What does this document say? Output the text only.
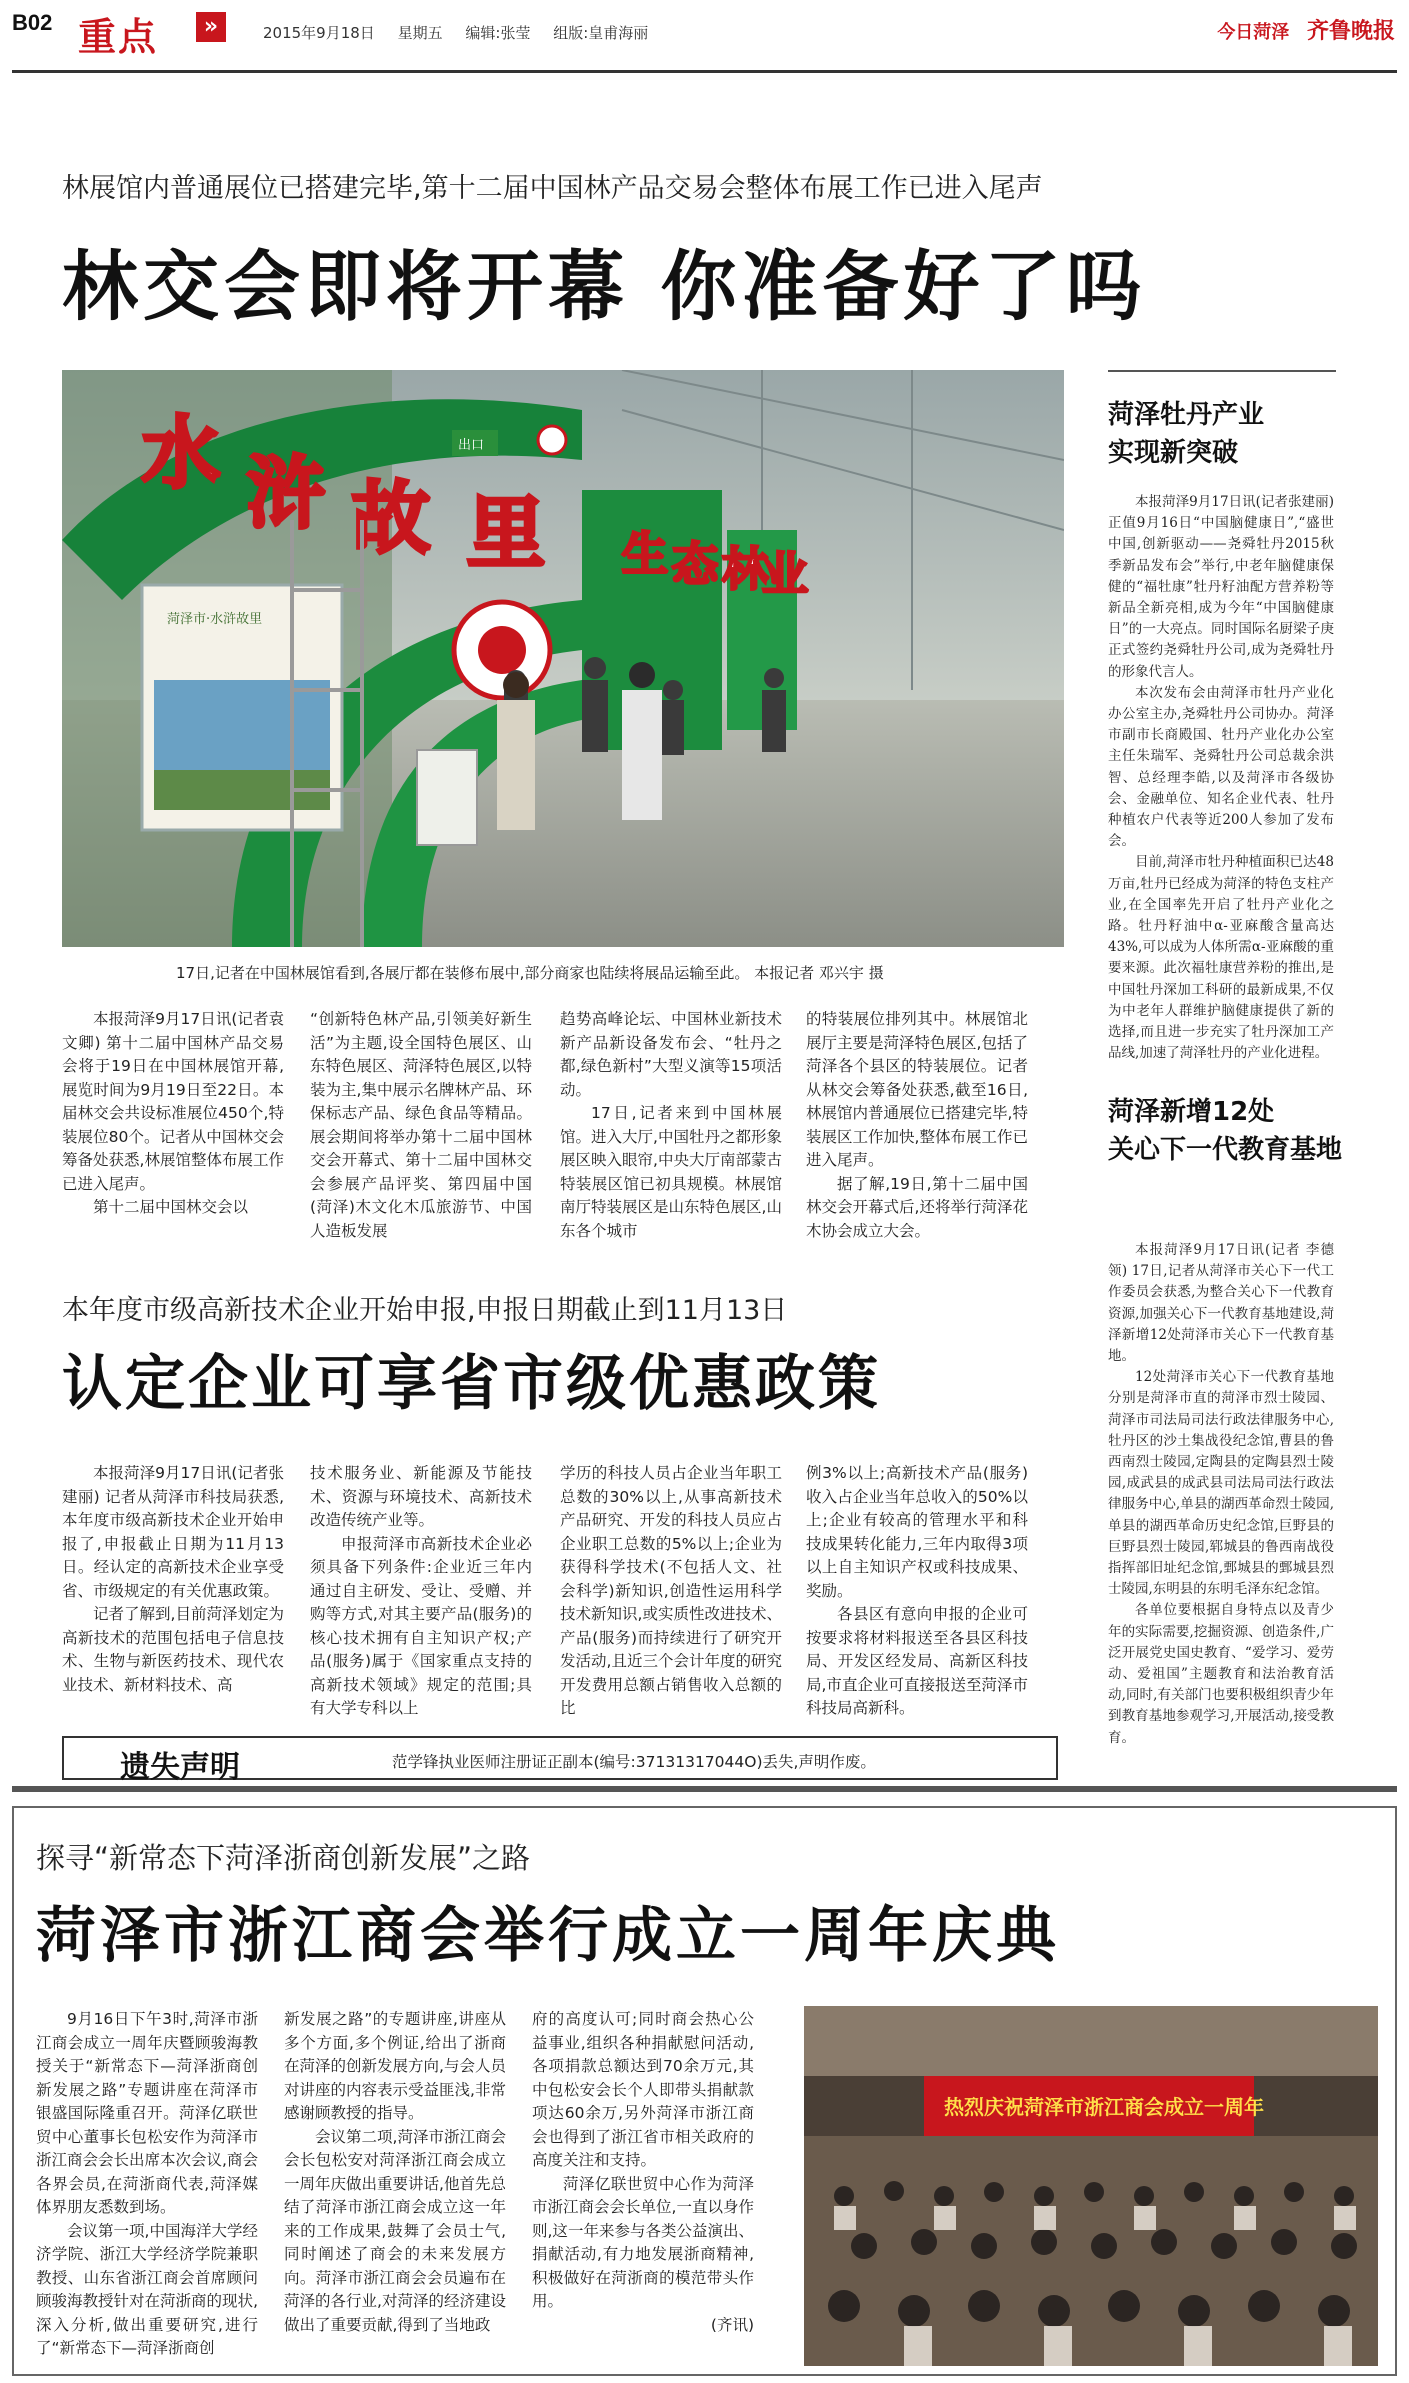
B02 重点	»	2015年9月18日 星期五 编辑:张莹 组版:皇甫海丽	今日菏泽 齐鲁晚报
林展馆内普通展位已搭建完毕,第十二届中国林产品交易会整体布展工作已进入尾声
林交会即将开幕 你准备好了吗
水 浒 故 里 生 态 林
业
出口
菏泽市·水浒故里
17日,记者在中国林展馆看到,各展厅都在装修布展中,部分商家也陆续将展品运输至此。 本报记者 邓兴宇 摄

本报菏泽9月17日讯(记者袁文卿) 第十二届中国林产品交易会将于19日在中国林展馆开幕,展览时间为9月19日至22日。本届林交会共设标准展位450个,特装展位80个。记者从中国林交会筹备处获悉,林展馆整体布展工作已进入尾声。

第十二届中国林交会以

“创新特色林产品,引领美好新生活”为主题,设全国特色展区、山东特色展区、菏泽特色展区,以特装为主,集中展示名牌林产品、环保标志产品、绿色食品等精品。展会期间将举办第十二届中国林交会开幕式、第十二届中国林交会参展产品评奖、第四届中国(菏泽)木文化木瓜旅游节、中国人造板发展

趋势高峰论坛、中国林业新技术新产品新设备发布会、“牡丹之都,绿色新村”大型义演等15项活动。

17日,记者来到中国林展馆。进入大厅,中国牡丹之都形象展区映入眼帘,中央大厅南部蒙古特装展区馆已初具规模。林展馆南厅特装展区是山东特色展区,山东各个城市

的特装展位排列其中。林展馆北展厅主要是菏泽特色展区,包括了菏泽各个县区的特装展位。记者从林交会筹备处获悉,截至16日,林展馆内普通展位已搭建完毕,特装展区工作加快,整体布展工作已进入尾声。

据了解,19日,第十二届中国林交会开幕式后,还将举行菏泽花木协会成立大会。

本年度市级高新技术企业开始申报,申报日期截止到11月13日
认定企业可享省市级优惠政策

本报菏泽9月17日讯(记者张建丽) 记者从菏泽市科技局获悉,本年度市级高新技术企业开始申报了,申报截止日期为11月13日。经认定的高新技术企业享受省、市级规定的有关优惠政策。

记者了解到,目前菏泽划定为高新技术的范围包括电子信息技术、生物与新医药技术、现代农业技术、新材料技术、高

技术服务业、新能源及节能技术、资源与环境技术、高新技术改造传统产业等。

申报菏泽市高新技术企业必须具备下列条件:企业近三年内通过自主研发、受让、受赠、并购等方式,对其主要产品(服务)的核心技术拥有自主知识产权;产品(服务)属于《国家重点支持的高新技术领域》规定的范围;具有大学专科以上

学历的科技人员占企业当年职工总数的30%以上,从事高新技术产品研究、开发的科技人员应占企业职工总数的5%以上;企业为获得科学技术(不包括人文、社会科学)新知识,创造性运用科学技术新知识,或实质性改进技术、产品(服务)而持续进行了研究开发活动,且近三个会计年度的研究开发费用总额占销售收入总额的比

例3%以上;高新技术产品(服务)收入占企业当年总收入的50%以上;企业有较高的管理水平和科技成果转化能力,三年内取得3项以上自主知识产权或科技成果、奖励。

各县区有意向申报的企业可按要求将材料报送至各县区科技局、开发区经发局、高新区科技局,市直企业可直接报送至菏泽市科技局高新科。

遗失声明	范学锋执业医师注册证正副本(编号:37131317044O)丢失,声明作废。
菏泽牡丹产业
实现新突破

本报菏泽9月17日讯(记者张建丽) 正值9月16日“中国脑健康日”,“盛世中国,创新驱动——尧舜牡丹2015秋季新品发布会”举行,中老年脑健康保健的“福牡康”牡丹籽油配方营养粉等新品全新亮相,成为今年“中国脑健康日”的一大亮点。同时国际名厨梁子庚正式签约尧舜牡丹公司,成为尧舜牡丹的形象代言人。

本次发布会由菏泽市牡丹产业化办公室主办,尧舜牡丹公司协办。菏泽市副市长商殿国、牡丹产业化办公室主任朱瑞军、尧舜牡丹公司总裁余洪智、总经理李皓,以及菏泽市各级协会、金融单位、知名企业代表、牡丹种植农户代表等近200人参加了发布会。

目前,菏泽市牡丹种植面积已达48万亩,牡丹已经成为菏泽的特色支柱产业,在全国率先开启了牡丹产业化之路。牡丹籽油中α-亚麻酸含量高达43%,可以成为人体所需α-亚麻酸的重要来源。此次福牡康营养粉的推出,是中国牡丹深加工科研的最新成果,不仅为中老年人群维护脑健康提供了新的选择,而且进一步充实了牡丹深加工产品线,加速了菏泽牡丹的产业化进程。

菏泽新增12处
关心下一代教育基地

本报菏泽9月17日讯(记者 李德领) 17日,记者从菏泽市关心下一代工作委员会获悉,为整合关心下一代教育资源,加强关心下一代教育基地建设,菏泽新增12处菏泽市关心下一代教育基地。

12处菏泽市关心下一代教育基地分别是菏泽市直的菏泽市烈士陵园、菏泽市司法局司法行政法律服务中心,牡丹区的沙土集战役纪念馆,曹县的鲁西南烈士陵园,定陶县的定陶县烈士陵园,成武县的成武县司法局司法行政法律服务中心,单县的湖西革命烈士陵园,单县的湖西革命历史纪念馆,巨野县的巨野县烈士陵园,郓城县的鲁西南战役指挥部旧址纪念馆,鄄城县的鄄城县烈士陵园,东明县的东明毛泽东纪念馆。

各单位要根据自身特点以及青少年的实际需要,挖掘资源、创造条件,广泛开展党史国史教育、“爱学习、爱劳动、爱祖国”主题教育和法治教育活动,同时,有关部门也要积极组织青少年到教育基地参观学习,开展活动,接受教育。

探寻“新常态下菏泽浙商创新发展”之路
菏泽市浙江商会举行成立一周年庆典

9月16日下午3时,菏泽市浙江商会成立一周年庆暨顾骏海教授关于“新常态下—菏泽浙商创新发展之路”专题讲座在菏泽市银盛国际隆重召开。菏泽亿联世贸中心董事长包松安作为菏泽市浙江商会会长出席本次会议,商会各界会员,在菏浙商代表,菏泽媒体界朋友悉数到场。

会议第一项,中国海洋大学经济学院、浙江大学经济学院兼职教授、山东省浙江商会首席顾问顾骏海教授针对在菏浙商的现状,深入分析,做出重要研究,进行了“新常态下—菏泽浙商创

新发展之路”的专题讲座,讲座从多个方面,多个例证,给出了浙商在菏泽的创新发展方向,与会人员对讲座的内容表示受益匪浅,非常感谢顾教授的指导。

会议第二项,菏泽市浙江商会会长包松安对菏泽浙江商会成立一周年庆做出重要讲话,他首先总结了菏泽市浙江商会成立这一年来的工作成果,鼓舞了会员士气,同时阐述了商会的未来发展方向。菏泽市浙江商会会员遍布在菏泽的各行业,对菏泽的经济建设做出了重要贡献,得到了当地政

府的高度认可;同时商会热心公益事业,组织各种捐献慰问活动,各项捐款总额达到70余万元,其中包松安会长个人即带头捐献款项达60余万,另外菏泽市浙江商会也得到了浙江省市相关政府的高度关注和支持。

菏泽亿联世贸中心作为菏泽市浙江商会会长单位,一直以身作则,这一年来参与各类公益演出、捐献活动,有力地发展浙商精神,积极做好在菏浙商的模范带头作用。

(齐讯)

热烈庆祝菏泽市浙江商会成立一周年
